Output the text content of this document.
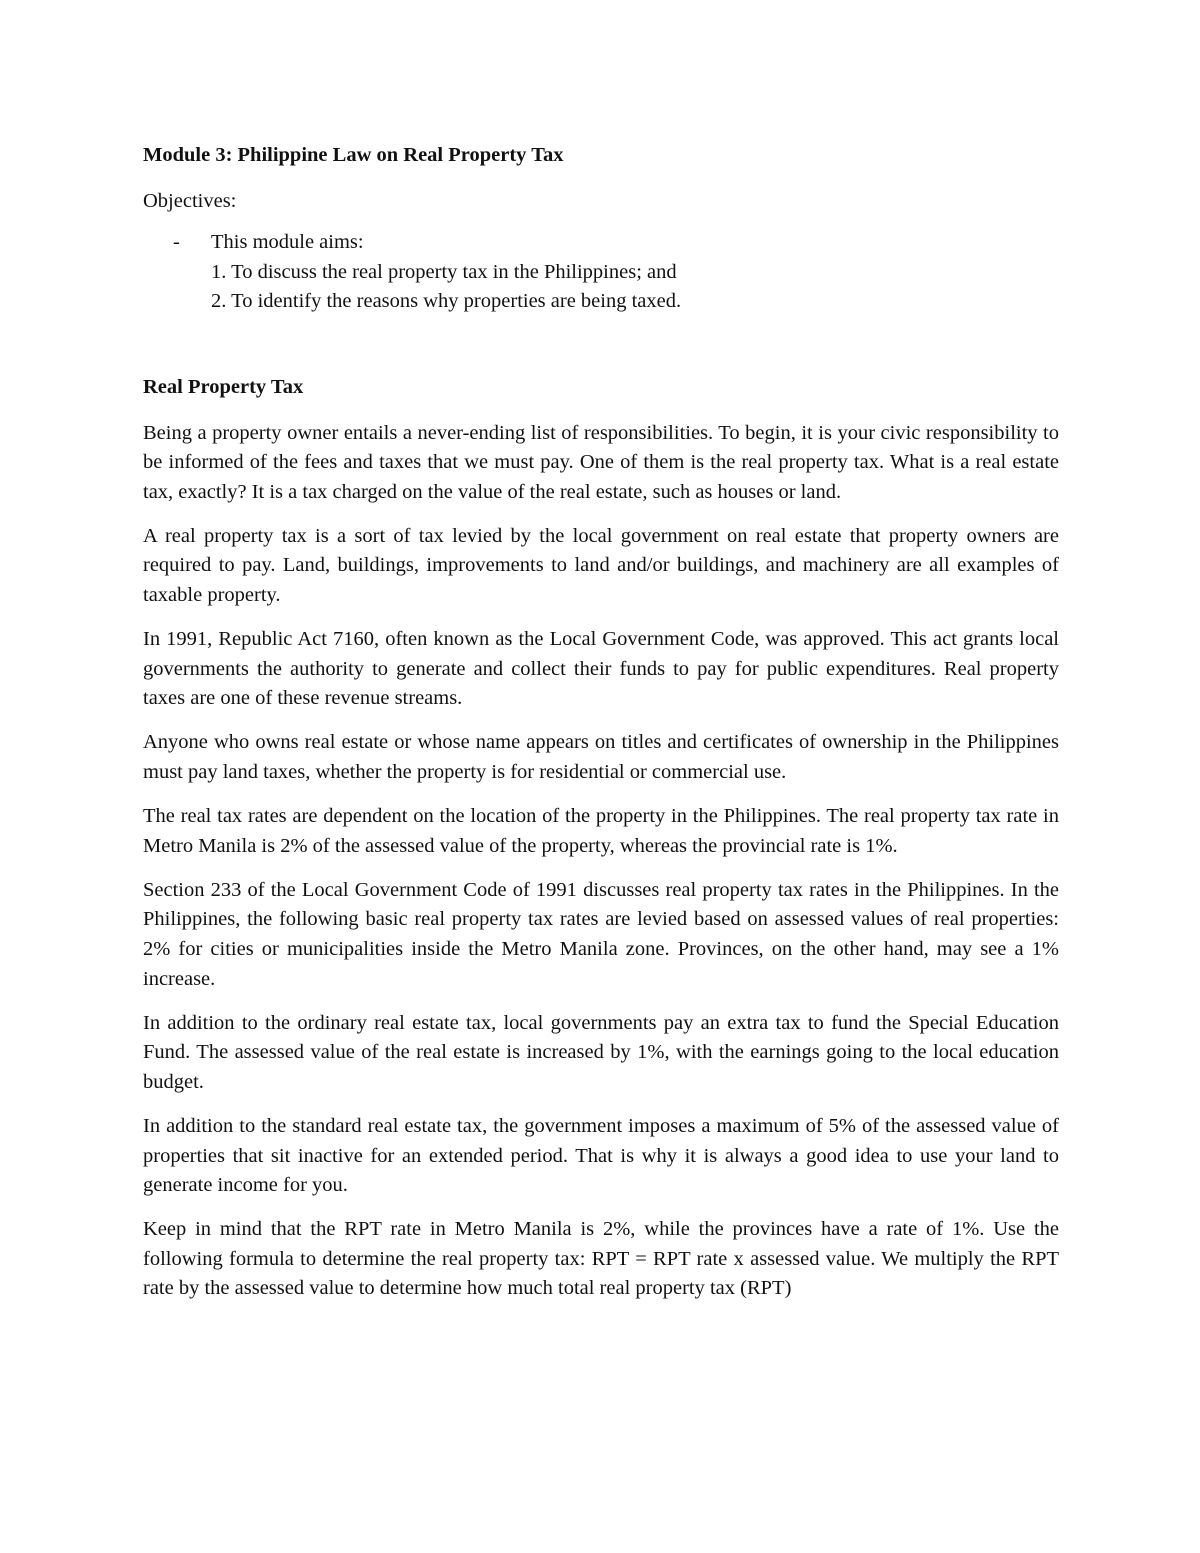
Module 3: Philippine Law on Real Property Tax

Objectives:

- This module aims:
1. To discuss the real property tax in the Philippines; and
2. To identify the reasons why properties are being taxed.

Real Property Tax

Being a property owner entails a never-ending list of responsibilities. To begin, it is your civic responsibility to be informed of the fees and taxes that we must pay. One of them is the real property tax. What is a real estate tax, exactly? It is a tax charged on the value of the real estate, such as houses or land.

A real property tax is a sort of tax levied by the local government on real estate that property owners are required to pay. Land, buildings, improvements to land and/or buildings, and machinery are all examples of taxable property.

In 1991, Republic Act 7160, often known as the Local Government Code, was approved. This act grants local governments the authority to generate and collect their funds to pay for public expenditures. Real property taxes are one of these revenue streams.

Anyone who owns real estate or whose name appears on titles and certificates of ownership in the Philippines must pay land taxes, whether the property is for residential or commercial use.

The real tax rates are dependent on the location of the property in the Philippines. The real property tax rate in Metro Manila is 2% of the assessed value of the property, whereas the provincial rate is 1%.

Section 233 of the Local Government Code of 1991 discusses real property tax rates in the Philippines. In the Philippines, the following basic real property tax rates are levied based on assessed values of real properties: 2% for cities or municipalities inside the Metro Manila zone. Provinces, on the other hand, may see a 1% increase.

In addition to the ordinary real estate tax, local governments pay an extra tax to fund the Special Education Fund. The assessed value of the real estate is increased by 1%, with the earnings going to the local education budget.

In addition to the standard real estate tax, the government imposes a maximum of 5% of the assessed value of properties that sit inactive for an extended period. That is why it is always a good idea to use your land to generate income for you.

Keep in mind that the RPT rate in Metro Manila is 2%, while the provinces have a rate of 1%. Use the following formula to determine the real property tax: RPT = RPT rate x assessed value. We multiply the RPT rate by the assessed value to determine how much total real property tax (RPT)
